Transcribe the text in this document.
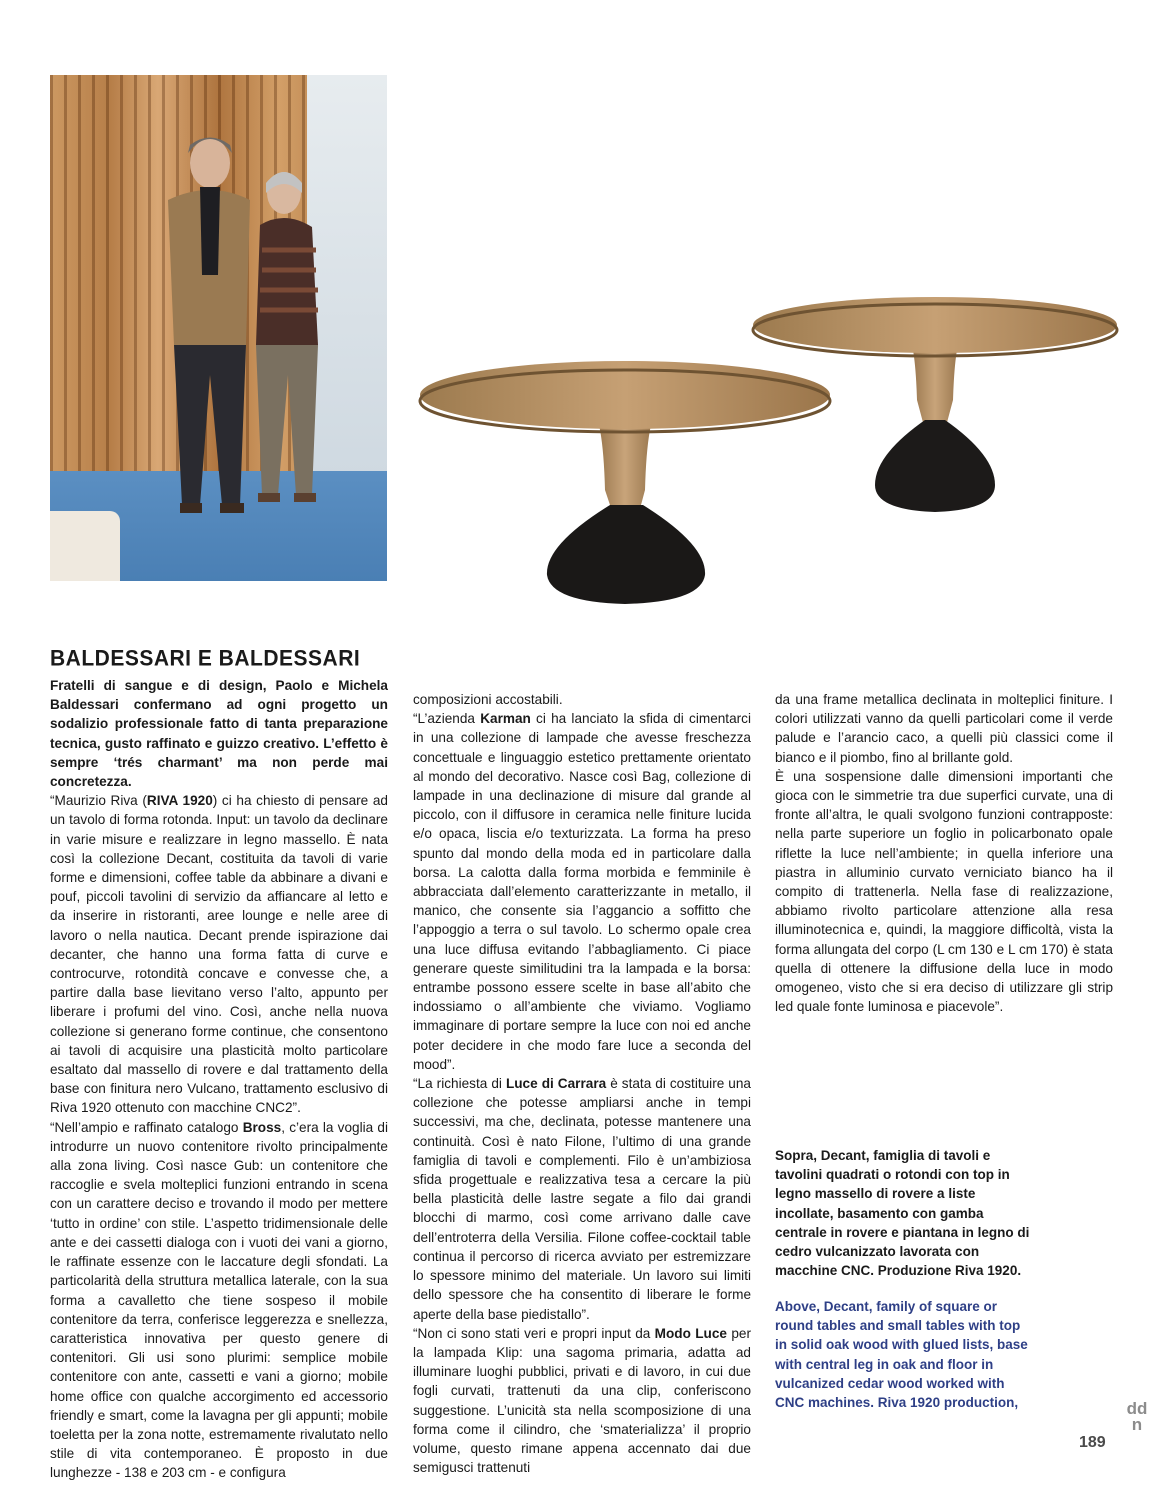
BALDESSARI E BALDESSARI

Fratelli di sangue e di design, Paolo e Michela Baldessari confermano ad ogni progetto un sodalizio professionale fatto di tanta preparazione tecnica, gusto raffinato e guizzo creativo. L’effetto è sempre ‘trés charmant’ ma non perde mai concretezza.

“Maurizio Riva (RIVA 1920) ci ha chiesto di pensare ad un tavolo di forma rotonda. Input: un tavolo da declinare in varie misure e realizzare in legno massello. È nata così la collezione Decant, costituita da tavoli di varie forme e dimensioni, coffee table da abbinare a divani e pouf, piccoli tavolini di servizio da affiancare al letto e da inserire in ristoranti, aree lounge e nelle aree di lavoro o nella nautica. Decant prende ispirazione dai decanter, che hanno una forma fatta di curve e controcurve, rotondità concave e convesse che, a partire dalla base lievitano verso l’alto, appunto per liberare i profumi del vino. Così, anche nella nuova collezione si generano forme continue, che consentono ai tavoli di acquisire una plasticità molto particolare esaltato dal massello di rovere e dal trattamento della base con finitura nero Vulcano, trattamento esclusivo di Riva 1920 ottenuto con macchine CNC2”.

“Nell’ampio e raffinato catalogo Bross, c’era la voglia di introdurre un nuovo contenitore rivolto principalmente alla zona living. Così nasce Gub: un contenitore che raccoglie e svela molteplici funzioni entrando in scena con un carattere deciso e trovando il modo per mettere ‘tutto in ordine’ con stile. L’aspetto tridimensionale delle ante e dei cassetti dialoga con i vuoti dei vani a giorno, le raffinate essenze con le laccature degli sfondati. La particolarità della struttura metallica laterale, con la sua forma a cavalletto che tiene sospeso il mobile contenitore da terra, conferisce leggerezza e snellezza, caratteristica innovativa per questo genere di contenitori. Gli usi sono plurimi: semplice mobile contenitore con ante, cassetti e vani a giorno; mobile home office con qualche accorgimento ed accessorio friendly e smart, come la lavagna per gli appunti; mobile toeletta per la zona notte, estremamente rivalutato nello stile di vita contemporaneo. È proposto in due lunghezze - 138 e 203 cm - e configura

composizioni accostabili.

“L’azienda Karman ci ha lanciato la sfida di cimentarci in una collezione di lampade che avesse freschezza concettuale e linguaggio estetico prettamente orientato al mondo del decorativo. Nasce così Bag, collezione di lampade in una declinazione di misure dal grande al piccolo, con il diffusore in ceramica nelle finiture lucida e/o opaca, liscia e/o texturizzata. La forma ha preso spunto dal mondo della moda ed in particolare dalla borsa. La calotta dalla forma morbida e femminile è abbracciata dall’elemento caratterizzante in metallo, il manico, che consente sia l’aggancio a soffitto che l’appoggio a terra o sul tavolo. Lo schermo opale crea una luce diffusa evitando l’abbagliamento. Ci piace generare queste similitudini tra la lampada e la borsa: entrambe possono essere scelte in base all’abito che indossiamo o all’ambiente che viviamo. Vogliamo immaginare di portare sempre la luce con noi ed anche poter decidere in che modo fare luce a seconda del mood”.

“La richiesta di Luce di Carrara è stata di costituire una collezione che potesse ampliarsi anche in tempi successivi, ma che, declinata, potesse mantenere una continuità. Così è nato Filone, l’ultimo di una grande famiglia di tavoli e complementi. Filo è un’ambiziosa sfida progettuale e realizzativa tesa a cercare la più bella plasticità delle lastre segate a filo dai grandi blocchi di marmo, così come arrivano dalle cave dell’entroterra della Versilia. Filone coffee-cocktail table continua il percorso di ricerca avviato per estremizzare lo spessore minimo del materiale. Un lavoro sui limiti dello spessore che ha consentito di liberare le forme aperte della base piedistallo”.

“Non ci sono stati veri e propri input da Modo Luce per la lampada Klip: una sagoma primaria, adatta ad illuminare luoghi pubblici, privati e di lavoro, in cui due fogli curvati, trattenuti da una clip, conferiscono suggestione. L’unicità sta nella scomposizione di una forma come il cilindro, che ‘smaterializza’ il proprio volume, questo rimane appena accennato dai due semigusci trattenuti

da una frame metallica declinata in molteplici finiture. I colori utilizzati vanno da quelli particolari come il verde palude e l’arancio caco, a quelli più classici come il bianco e il piombo, fino al brillante gold.

È una sospensione dalle dimensioni importanti che gioca con le simmetrie tra due superfici curvate, una di fronte all’altra, le quali svolgono funzioni contrapposte: nella parte superiore un foglio in policarbonato opale riflette la luce nell’ambiente; in quella inferiore una piastra in alluminio curvato verniciato bianco ha il compito di trattenerla. Nella fase di realizzazione, abbiamo rivolto particolare attenzione alla resa illuminotecnica e, quindi, la maggiore difficoltà, vista la forma allungata del corpo (L cm 130 e L cm 170) è stata quella di ottenere la diffusione della luce in modo omogeneo, visto che si era deciso di utilizzare gli strip led quale fonte luminosa e piacevole”.

Sopra, Decant, famiglia di tavoli e tavolini quadrati o rotondi con top in legno massello di rovere a liste incollate, basamento con gamba centrale in rovere e piantana in legno di cedro vulcanizzato lavorata con macchine CNC. Produzione Riva 1920.
Above, Decant, family of square or round tables and small tables with top in solid oak wood with glued lists, base with central leg in oak and floor in vulcanized cedar wood worked with CNC machines. Riva 1920 production,	dd
n
189
